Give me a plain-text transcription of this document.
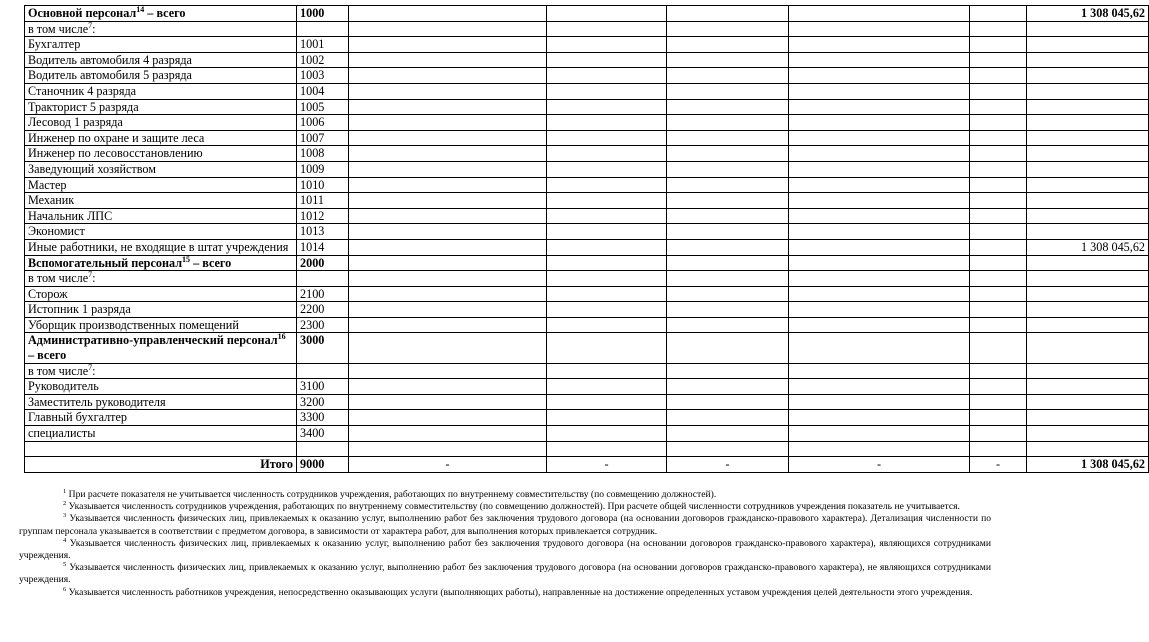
Основной персонал$^{14}$ – всего	1000						1 308 045,62
в том числе$^7$:							
Бухгалтер	1001						
Водитель автомобиля 4 разряда	1002						
Водитель автомобиля 5 разряда	1003						
Станочник 4 разряда	1004						
Тракторист 5 разряда	1005						
Лесовод 1 разряда	1006						
Инженер по охране и защите леса	1007						
Инженер по лесовосстановлению	1008						
Заведующий хозяйством	1009						
Мастер	1010						
Механик	1011						
Начальник ЛПС	1012						
Экономист	1013						
Иные работники, не входящие в штат учреждения	1014						1 308 045,62
Вспомогательный персонал$^{15}$ – всего	2000						
в том числе$^7$:							
Сторож	2100						
Истопник 1 разряда	2200						
Уборщик производственных помещений	2300						
Административно-управленческий персонал$^{16}$ – всего	3000						
в том числе$^7$:							
Руководитель	3100						
Заместитель руководителя	3200						
Главный бухгалтер	3300						
специалисты	3400						

Итого	9000	-	-	-	-	-	1 308 045,62
$^1$ При расчете показателя не учитывается численность сотрудников учреждения, работающих по внутреннему совместительству (по совмещению должностей).
$^2$ Указывается численность сотрудников учреждения, работающих по внутреннему совместительству (по совмещению должностей). При расчете общей численности сотрудников учреждения показатель не учитывается.
$^3$ Указывается численность физических лиц, привлекаемых к оказанию услуг, выполнению работ без заключения трудового договора (на основании договоров гражданско-правового характера). Детализация численности по группам персонала указывается в соответствии с предметом договора, в зависимости от характера работ, для выполнения которых привлекается сотрудник.
$^4$ Указывается численность физических лиц, привлекаемых к оказанию услуг, выполнению работ без заключения трудового договора (на основании договоров гражданско-правового характера), являющихся сотрудниками учреждения.
$^5$ Указывается численность физических лиц, привлекаемых к оказанию услуг, выполнению работ без заключения трудового договора (на основании договоров гражданско-правового характера), не являющихся сотрудниками учреждения.
$^6$ Указывается численность работников учреждения, непосредственно оказывающих услуги (выполняющих работы), направленные на достижение определенных уставом учреждения целей деятельности этого учреждения.
